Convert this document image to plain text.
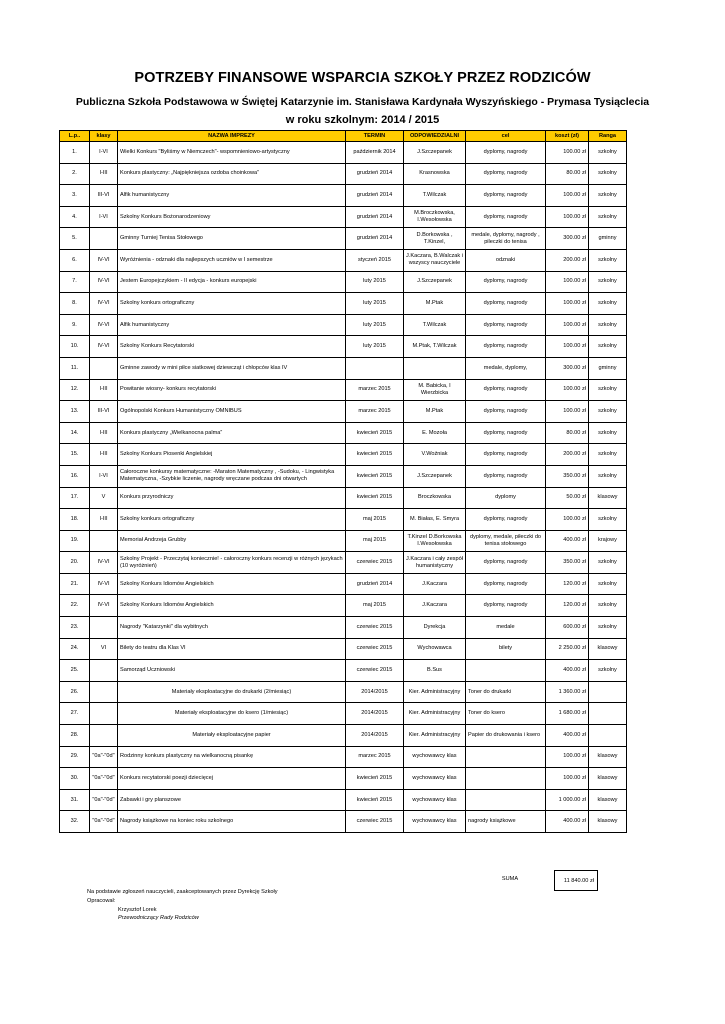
POTRZEBY FINANSOWE WSPARCIA SZKOŁY PRZEZ RODZICÓW
Publiczna Szkoła Podstawowa w Świętej Katarzynie im. Stanisława Kardynała Wyszyńskiego - Prymasa Tysiąclecia
w roku szkolnym: 2014 / 2015
L.p..	klasy	NAZWA IMPREZY	TERMIN	ODPOWIEDZIALNI	cel	koszt (zł)	Ranga
1.	I-VI	Wielki Konkurs "Byliśmy w Niemczech"- wspomnieniowo-artystyczny	październik 2014	J.Szczepanek	dyplomy, nagrody	100.00 zł	szkolny
2.	I-III	Konkurs plastyczny: „Najpiękniejsza ozdoba choinkowa”	grudzień 2014	Krasnowska	dyplomy, nagrody	80.00 zł	szkolny
3.	III-VI	Alfik humanistyczny	grudzień 2014	T.Wilczak	dyplomy, nagrody	100.00 zł	szkolny
4.	I-VI	Szkolny Konkurs Bożonarodzeniowy	grudzień 2014	M.Broczkowska, I.Wesołowska	dyplomy, nagrody	100.00 zł	szkolny
5.		Gminny Turniej Tenisa Stołowego	grudzień 2014	D.Borkowska , T.Kinzel,	medale, dyplomy, nagrody , pileczki do tenisa	300.00 zł	gminny
6.	IV-VI	Wyróżnienia - odznaki dla najlepszych uczniów w I semestrze	styczeń 2015	J.Kaczara, B.Walczak i wszyscy nauczyciele	odznaki	200.00 zł	szkolny
7.	IV-VI	Jestem Europejczykiem - II edycja - konkurs europejski	luty 2015	J.Szczepanek	dyplomy, nagrody	100.00 zł	szkolny
8.	IV-VI	Szkolny konkurs ortograficzny	luty 2015	M.Ptak	dyplomy, nagrody	100.00 zł	szkolny
9.	IV-VI	Alfik humanistyczny	luty 2015	T.Wilczak	dyplomy, nagrody	100.00 zł	szkolny
10.	IV-VI	Szkolny Konkurs Recytatorski	luty 2015	M.Ptak, T.Wilczak	dyplomy, nagrody	100.00 zł	szkolny
11.		Gminne zawody w mini piłce siatkowej dziewcząt i chłopców klas IV			medale, dyplomy,	300.00 zł	gminny
12.	I-III	Powitanie wiosny- konkurs recytatorski	marzec 2015	M. Babicka, I Wierzbicka	dyplomy, nagrody	100.00 zł	szkolny
13.	III-VI	Ogólnopolski Konkurs Humanistyczny OMNIBUS	marzec 2015	M.Ptak	dyplomy, nagrody	100.00 zł	szkolny
14.	I-III	Konkurs plastyczny „Wielkanocna palma”	kwiecień 2015	E. Mozoła	dyplomy, nagrody	80.00 zł	szkolny
15.	I-III	Szkolny Konkurs Piosenki Angielskiej	kwiecień 2015	V.Woźniak	dyplomy, nagrody	200.00 zł	szkolny
16.	I-VI	Całoroczne konkursy matematyczne: -Maraton Matematyczny , -Sudoku, - Lingwistyka Matematyczna, -Szybkie liczenie, nagrody wręczane podczas dni otwartych	kwiecień 2015	J.Szczepanek	dyplomy, nagrody	350.00 zł	szkolny
17.	V	Konkurs przyrodniczy	kwiecień 2015	Broczkowska	dyplomy	50.00 zł	klasowy
18.	I-III	Szkolny konkurs ortograficzny	maj 2015	M. Białas, E. Smyra	dyplomy, nagrody	100.00 zł	szkolny
19.		Memoriał Andrzeja Grubby	maj 2015	T.Kinzel D.Borkowska I.Wesołowska	dyplomy, medale, piłeczki do tenisa stołowego	400.00 zł	krajowy
20.	IV-VI	Szkolny Projekt - Przeczytaj koniecznie! - całoroczny konkurs recenzji w różnych językach (10 wyróżnień)	czerwiec 2015	J.Kaczara i cały zespół humanistyczny	dyplomy, nagrody	350.00 zł	szkolny
21.	IV-VI	Szkolny Konkurs Idiomów Angielskich	grudzień 2014	J.Kaczara	dyplomy, nagrody	120.00 zł	szkolny
22.	IV-VI	Szkolny Konkurs Idiomów Angielskich	maj 2015	J.Kaczara	dyplomy, nagrody	120.00 zł	szkolny
23.		Nagrody "Katarzynki" dla wybitnych	czerwiec 2015	Dyrekcja	medale	600.00 zł	szkolny
24.	VI	Bilety do teatru dla Klas VI	czerwiec 2015	Wychowawca	bilety	2 250.00 zł	klasowy
25.		Samorząd Uczniowski	czerwiec 2015	B.Sus		400.00 zł	szkolny
26.		Materiały eksploatacyjne do drukarki (2/miesiąc)	2014/2015	Kier. Administracyjny	Toner do drukarki	1 360.00 zł	
27.		Materiały eksploatacyjne do ksero (1/miesiąc)	2014/2015	Kier. Administracyjny	Toner do ksero	1 680.00 zł	
28.		Materiały eksploatacyjne papier	2014/2015	Kier. Administracyjny	Papier do drukowania i ksero	400.00 zł	
29.	"0a"-"0d"	Rodzinny konkurs plastyczny na wielkanocną pisankę	marzec 2015	wychowawcy klas		100.00 zł	klasowy
30.	"0a"-"0d"	Konkurs recytatorski poezji dziecięcej	kwiecień 2015	wychowawcy klas		100.00 zł	klasowy
31.	"0a"-"0d"	Zabawki i gry planszowe	kwiecień 2015	wychowawcy klas		1 000.00 zł	klasowy
32.	"0a"-"0d"	Nagrody książkowe na koniec roku szkolnego	czerwiec 2015	wychowawcy klas	nagrody książkowe	400.00 zł	klasowy
SUMA	11 840.00 zł
Na podstawie zgłoszeń nauczycieli, zaakceptowanych przez Dyrekcję Szkoły
Opracował:
Krzysztof Lorek
Przewodniczący Rady Rodziców
